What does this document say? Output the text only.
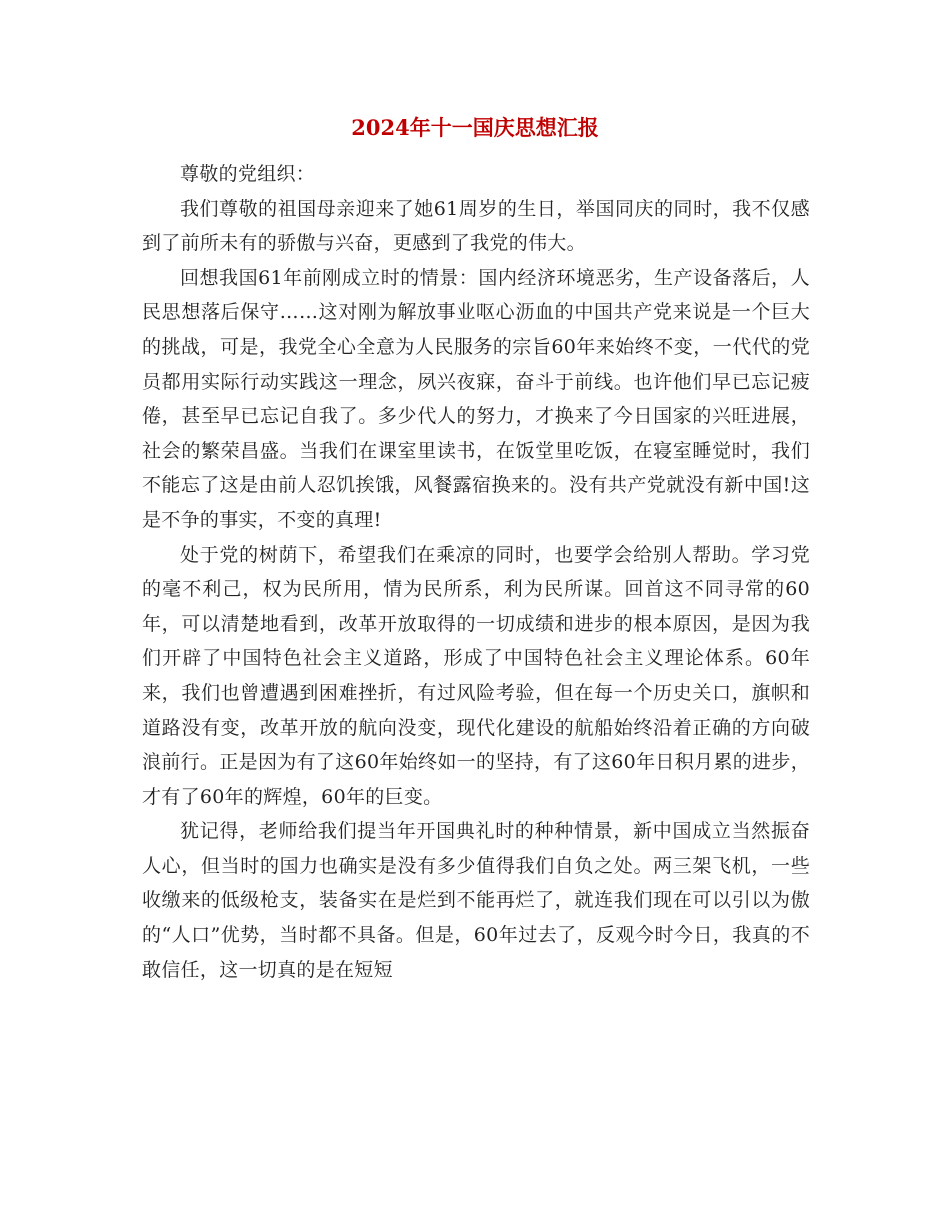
2024年十一国庆思想汇报

尊敬的党组织：

我们尊敬的祖国母亲迎来了她61周岁的生日，举国同庆的同时，我不仅感到了前所未有的骄傲与兴奋，更感到了我党的伟大。

回想我国61年前刚成立时的情景：国内经济环境恶劣，生产设备落后，人民思想落后保守……这对刚为解放事业呕心沥血的中国共产党来说是一个巨大的挑战，可是，我党全心全意为人民服务的宗旨60年来始终不变，一代代的党员都用实际行动实践这一理念，夙兴夜寐，奋斗于前线。也许他们早已忘记疲倦，甚至早已忘记自我了。多少代人的努力，才换来了今日国家的兴旺进展，社会的繁荣昌盛。当我们在课室里读书，在饭堂里吃饭，在寝室睡觉时，我们不能忘了这是由前人忍饥挨饿，风餐露宿换来的。没有共产党就没有新中国!这是不争的事实，不变的真理!

处于党的树荫下，希望我们在乘凉的同时，也要学会给别人帮助。学习党的毫不利己，权为民所用，情为民所系，利为民所谋。回首这不同寻常的60年，可以清楚地看到，改革开放取得的一切成绩和进步的根本原因，是因为我们开辟了中国特色社会主义道路，形成了中国特色社会主义理论体系。60年来，我们也曾遭遇到困难挫折，有过风险考验，但在每一个历史关口，旗帜和道路没有变，改革开放的航向没变，现代化建设的航船始终沿着正确的方向破浪前行。正是因为有了这60年始终如一的坚持，有了这60年日积月累的进步，才有了60年的辉煌，60年的巨变。

犹记得，老师给我们提当年开国典礼时的种种情景，新中国成立当然振奋人心，但当时的国力也确实是没有多少值得我们自负之处。两三架飞机，一些收缴来的低级枪支，装备实在是烂到不能再烂了，就连我们现在可以引以为傲的“人口”优势，当时都不具备。但是，60年过去了，反观今时今日，我真的不敢信任，这一切真的是在短短
